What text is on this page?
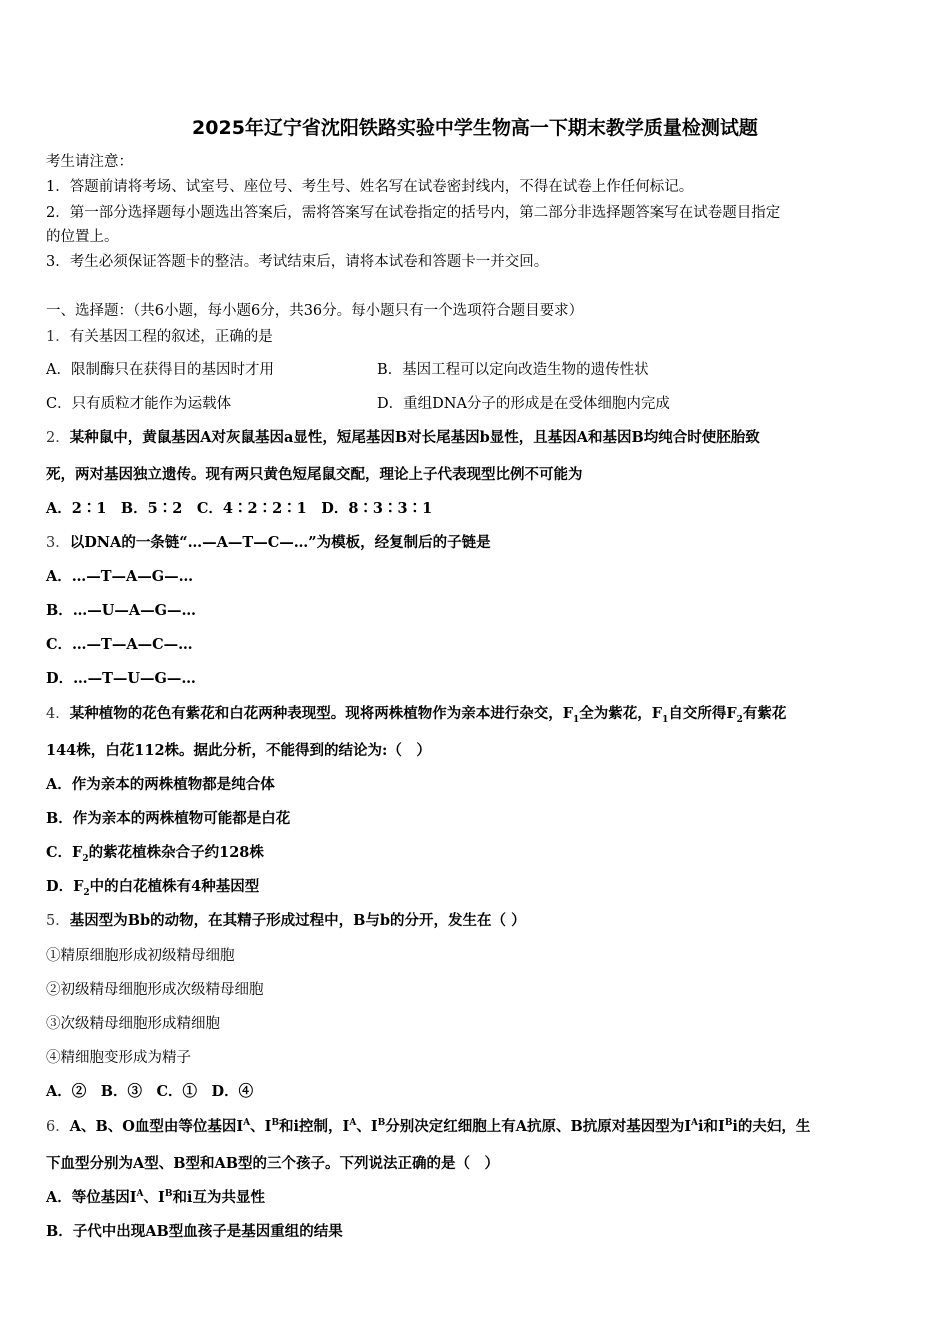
2025年辽宁省沈阳铁路实验中学生物高一下期末教学质量检测试题
考生请注意：
1．答题前请将考场、试室号、座位号、考生号、姓名写在试卷密封线内，不得在试卷上作任何标记。
2．第一部分选择题每小题选出答案后，需将答案写在试卷指定的括号内，第二部分非选择题答案写在试卷题目指定
的位置上。
3．考生必须保证答题卡的整洁。考试结束后，请将本试卷和答题卡一并交回。
一、选择题：（共6小题，每小题6分，共36分。每小题只有一个选项符合题目要求）
1．有关基因工程的叙述，正确的是
A．限制酶只在获得目的基因时才用	B．基因工程可以定向改造生物的遗传性状
C．只有质粒才能作为运载体	D．重组DNA分子的形成是在受体细胞内完成
2．某种鼠中，黄鼠基因A对灰鼠基因a显性，短尾基因B对长尾基因b显性，且基因A和基因B均纯合时使胚胎致
死，两对基因独立遗传。现有两只黄色短尾鼠交配，理论上子代表现型比例不可能为
A．2∶1　B．5∶2　C．4∶2∶2∶1　D．8∶3∶3∶1
3．以DNA的一条链“…—A—T—C—…”为模板，经复制后的子链是
A．…—T—A—G—…
B．…—U—A—G—…
C．…—T—A—C—…
D．…—T—U—G—…
4．某种植物的花色有紫花和白花两种表现型。现将两株植物作为亲本进行杂交，$F_1$全为紫花，$F_1$自交所得$F_2$有紫花
144株，白花112株。据此分析，不能得到的结论为:（　）
A．作为亲本的两株植物都是纯合体
B．作为亲本的两株植物可能都是白花
C．$F_2$的紫花植株杂合子约128株
D．$F_2$中的白花植株有4种基因型
5．基因型为Bb的动物，在其精子形成过程中，B与b的分开，发生在（ ）
①精原细胞形成初级精母细胞
②初级精母细胞形成次级精母细胞
③次级精母细胞形成精细胞
④精细胞变形成为精子
A．②　B．③　C．①　D．④
6．A、B、O血型由等位基因$I^A$、$I^B$和i控制，$I^A$、$I^B$分别决定红细胞上有A抗原、B抗原对基因型为$I^Ai$和$I^Bi$的夫妇，生
下血型分别为A型、B型和AB型的三个孩子。下列说法正确的是（　）
A．等位基因$I^A$、$I^B$和i互为共显性
B．子代中出现AB型血孩子是基因重组的结果
